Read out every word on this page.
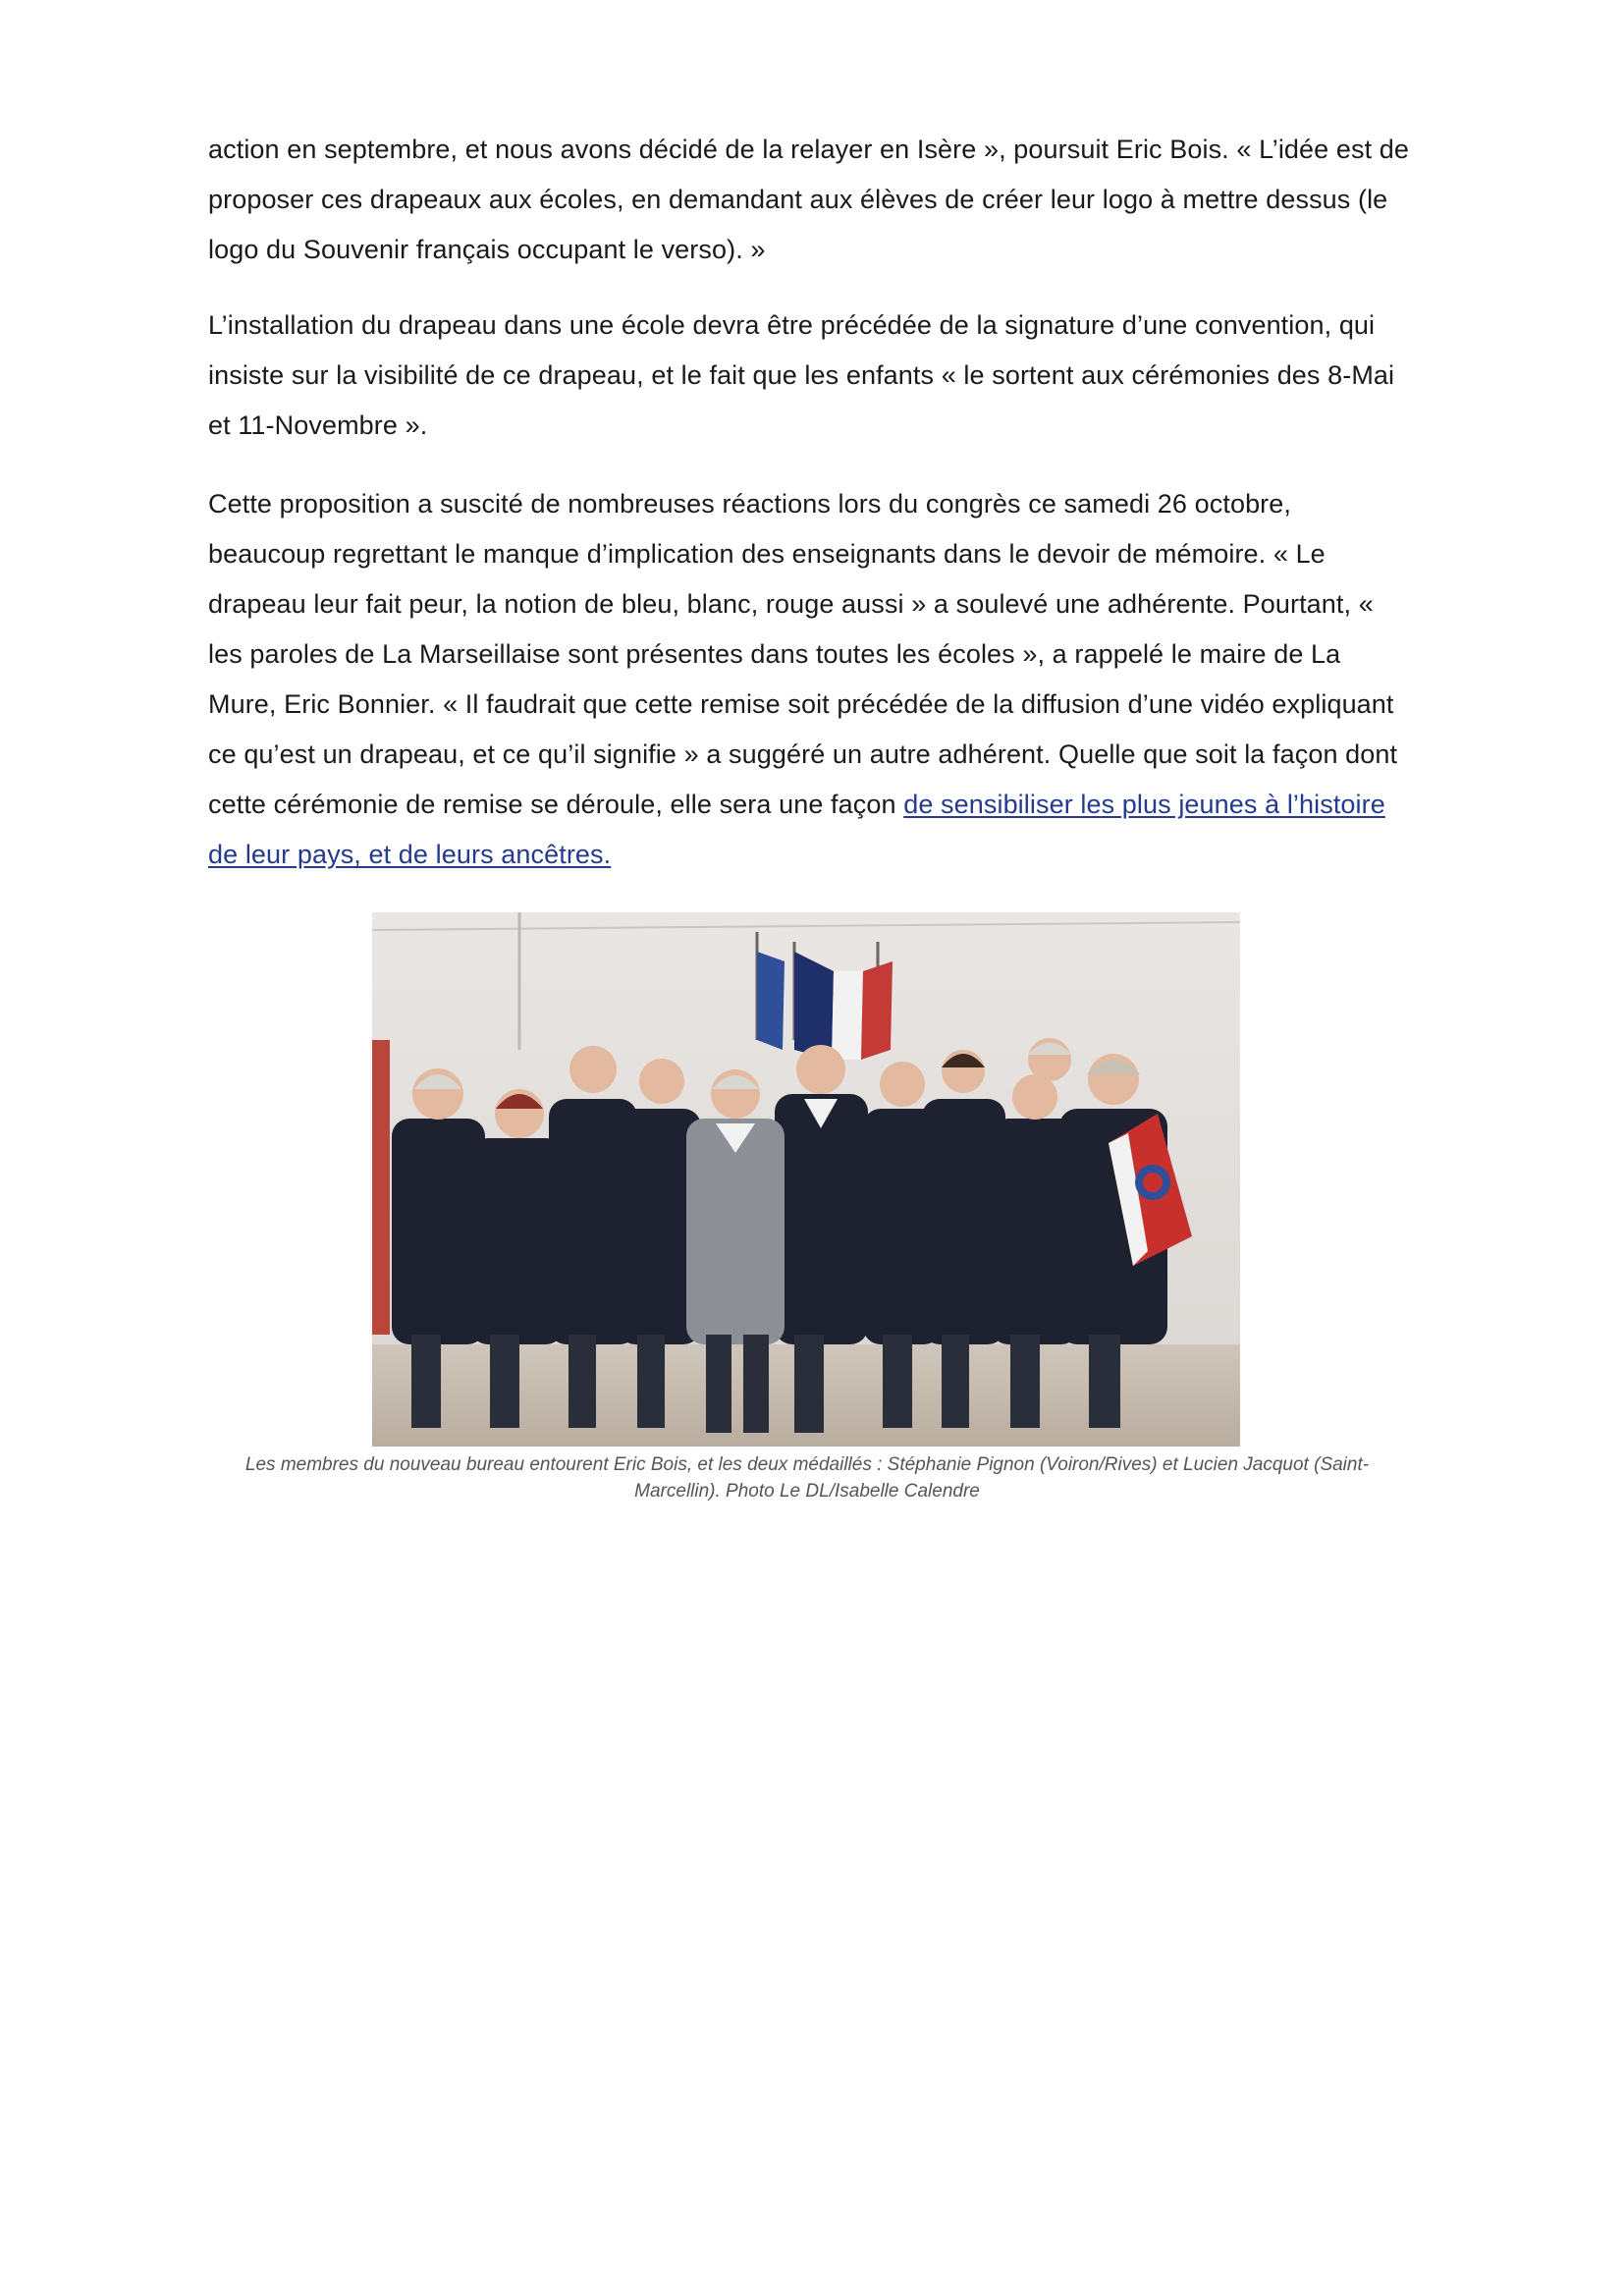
action en septembre, et nous avons décidé de la relayer en Isère », poursuit Eric Bois. « L’idée est de proposer ces drapeaux aux écoles, en demandant aux élèves de créer leur logo à mettre dessus (le logo du Souvenir français occupant le verso). »

L’installation du drapeau dans une école devra être précédée de la signature d’une convention, qui insiste sur la visibilité de ce drapeau, et le fait que les enfants « le sortent aux cérémonies des 8-Mai et 11-Novembre ».

Cette proposition a suscité de nombreuses réactions lors du congrès ce samedi 26 octobre, beaucoup regrettant le manque d’implication des enseignants dans le devoir de mémoire. « Le drapeau leur fait peur, la notion de bleu, blanc, rouge aussi » a soulevé une adhérente. Pourtant, « les paroles de La Marseillaise sont présentes dans toutes les écoles », a rappelé le maire de La Mure, Eric Bonnier. « Il faudrait que cette remise soit précédée de la diffusion d’une vidéo expliquant ce qu’est un drapeau, et ce qu’il signifie » a suggéré un autre adhérent. Quelle que soit la façon dont cette cérémonie de remise se déroule, elle sera une façon de sensibiliser les plus jeunes à l’histoire de leur pays, et de leurs ancêtres.

Les membres du nouveau bureau entourent Eric Bois, et les deux médaillés : Stéphanie Pignon (Voiron/Rives) et Lucien Jacquot (Saint-Marcellin). Photo Le DL/Isabelle Calendre
